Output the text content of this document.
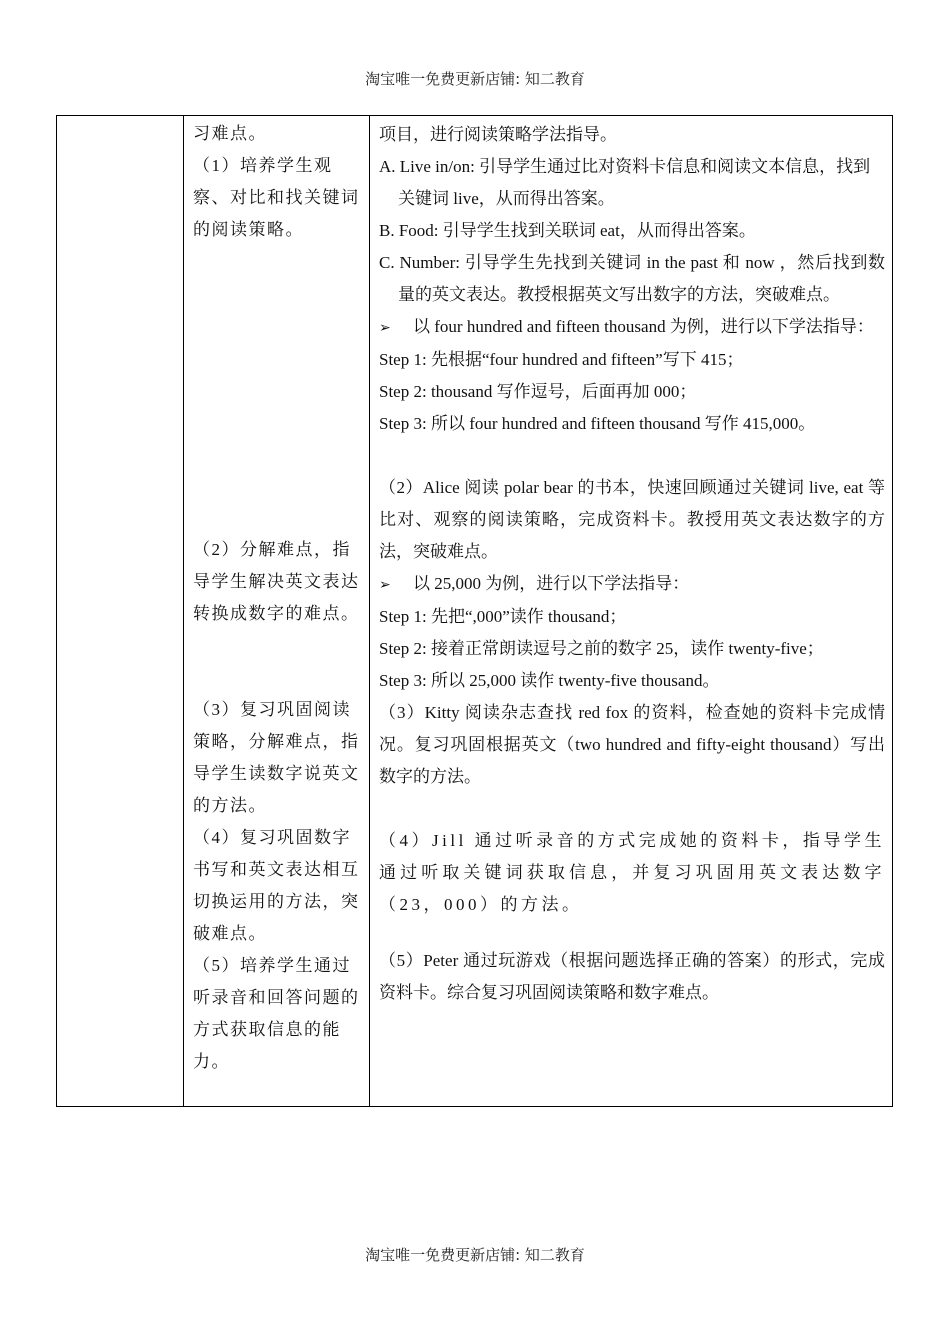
淘宝唯一免费更新店铺: 知二教育

习难点。

（1）培养学生观察、对比和找关键词的阅读策略。

（2）分解难点，指导学生解决英文表达转换成数字的难点。

（3）复习巩固阅读策略，分解难点，指导学生读数字说英文的方法。

（4）复习巩固数字书写和英文表达相互切换运用的方法，突破难点。

（5）培养学生通过听录音和回答问题的方式获取信息的能力。

项目，进行阅读策略学法指导。

A. Live in/on: 引导学生通过比对资料卡信息和阅读文本信息，找到关键词 live，从而得出答案。

B. Food: 引导学生找到关联词 eat，从而得出答案。

C. Number: 引导学生先找到关键词 in the past 和 now ，然后找到数量的英文表达。教授根据英文写出数字的方法，突破难点。

➢ 以 four hundred and fifteen thousand 为例，进行以下学法指导：

Step 1: 先根据“four hundred and fifteen”写下 415；

Step 2: thousand 写作逗号，后面再加 000；

Step 3: 所以 four hundred and fifteen thousand 写作 415,000。

（2）Alice 阅读 polar bear 的书本，快速回顾通过关键词 live, eat 等比对、观察的阅读策略，完成资料卡。教授用英文表达数字的方法，突破难点。

➢ 以 25,000 为例，进行以下学法指导：

Step 1: 先把“,000”读作 thousand；

Step 2: 接着正常朗读逗号之前的数字 25，读作 twenty-five；

Step 3: 所以 25,000 读作 twenty-five thousand。

（3）Kitty 阅读杂志查找 red fox 的资料，检查她的资料卡完成情况。复习巩固根据英文（two hundred and fifty-eight thousand）写出数字的方法。

（4）Jill 通过听录音的方式完成她的资料卡，指导学生通过听取关键词获取信息，并复习巩固用英文表达数字（23，000）的方法。

（5）Peter 通过玩游戏（根据问题选择正确的答案）的形式，完成资料卡。综合复习巩固阅读策略和数字难点。

淘宝唯一免费更新店铺: 知二教育
